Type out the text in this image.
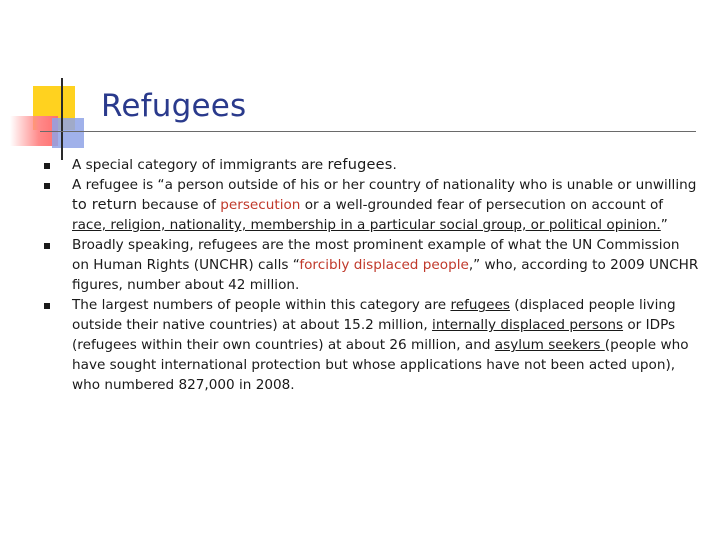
Refugees
A special category of immigrants are refugees.
A refugee is “a person outside of his or her country of nationality who is unable or unwilling to return because of persecution or a well-grounded fear of persecution on account of race, religion, nationality, membership in a particular social group, or political opinion.”
Broadly speaking, refugees are the most prominent example of what the UN Commission on Human Rights (UNCHR) calls “forcibly displaced people,” who, according to 2009 UNCHR figures, number about 42 million.
The largest numbers of people within this category are refugees (displaced people living outside their native countries) at about 15.2 million, internally displaced persons or IDPs (refugees within their own countries) at about 26 million, and asylum seekers (people who have sought international protection but whose applications have not been acted upon), who numbered 827,000 in 2008.
